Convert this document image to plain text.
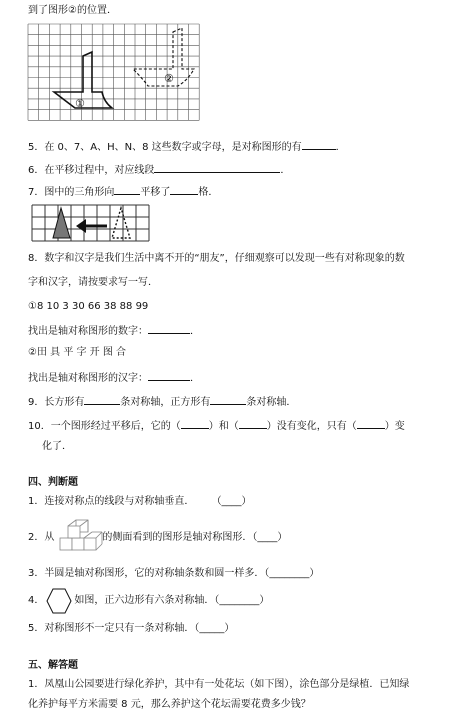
到了图形②的位置．
①
②
5．在 0、7、A、H、N、8 这些数字或字母，是对称图形的有	．
6．在平移过程中，对应线段	．
7．图中的三角形向	平移了	格．
8．数字和汉字是我们生活中离不开的“朋友”，仔细观察可以发现一些有对称现象的数
字和汉字，请按要求写一写．
①8 10 3 30 66 38 88 99
找出是轴对称图形的数字：	．
②田 具 平 字 开 图 合
找出是轴对称图形的汉字：	．
9．长方形有	条对称轴，正方形有	条对称轴．
10．一个图形经过平移后，它的（	）和（	）没有变化，只有（	）变
化了．
四、判断题
1．连接对称点的线段与对称轴垂直． （____）
2．从	的侧面看到的图形是轴对称图形．（____）
3．半圆是轴对称图形，它的对称轴条数和圆一样多．（________）
4．	如图，正六边形有六条对称轴．（________）
5．对称图形不一定只有一条对称轴．（_____）
五、解答题
1．凤凰山公园要进行绿化养护，其中有一处花坛（如下图），涂色部分是绿植．已知绿
化养护每平方米需要 8 元，那么养护这个花坛需要花费多少钱？
